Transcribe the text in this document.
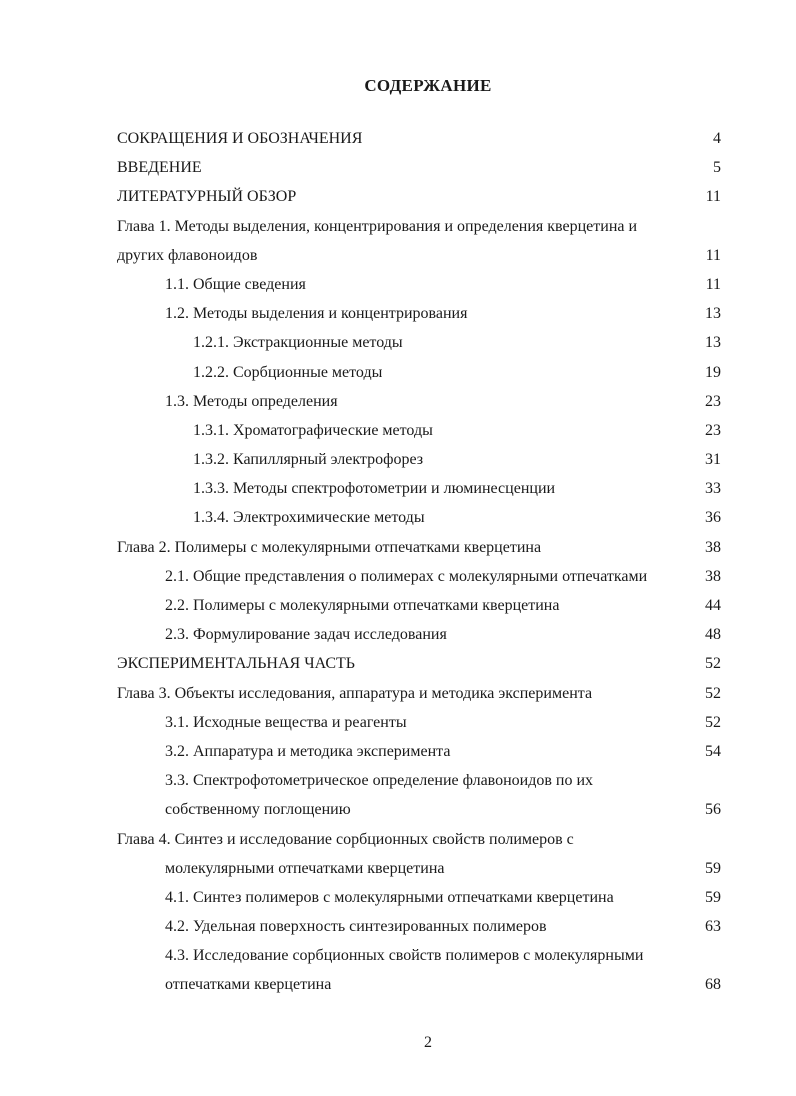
СОДЕРЖАНИЕ
СОКРАЩЕНИЯ И ОБОЗНАЧЕНИЯ	4
ВВЕДЕНИЕ	5
ЛИТЕРАТУРНЫЙ ОБЗОР	11
Глава 1. Методы выделения, концентрирования и определения кверцетина и
других флавоноидов	11
1.1. Общие сведения	11
1.2. Методы выделения и концентрирования	13
1.2.1. Экстракционные методы	13
1.2.2. Сорбционные методы	19
1.3. Методы определения	23
1.3.1. Хроматографические методы	23
1.3.2. Капиллярный электрофорез	31
1.3.3. Методы спектрофотометрии и люминесценции	33
1.3.4. Электрохимические методы	36
Глава 2. Полимеры с молекулярными отпечатками кверцетина	38
2.1. Общие представления о полимерах с молекулярными отпечатками	38
2.2. Полимеры с молекулярными отпечатками кверцетина	44
2.3. Формулирование задач исследования	48
ЭКСПЕРИМЕНТАЛЬНАЯ ЧАСТЬ	52
Глава 3. Объекты исследования, аппаратура и методика эксперимента	52
3.1. Исходные вещества и реагенты	52
3.2. Аппаратура и методика эксперимента	54
3.3. Спектрофотометрическое определение флавоноидов по их
собственному поглощению	56
Глава 4. Синтез и исследование сорбционных свойств полимеров с
молекулярными отпечатками кверцетина	59
4.1. Синтез полимеров с молекулярными отпечатками кверцетина	59
4.2. Удельная поверхность синтезированных полимеров	63
4.3. Исследование сорбционных свойств полимеров с молекулярными
отпечатками кверцетина	68
2
